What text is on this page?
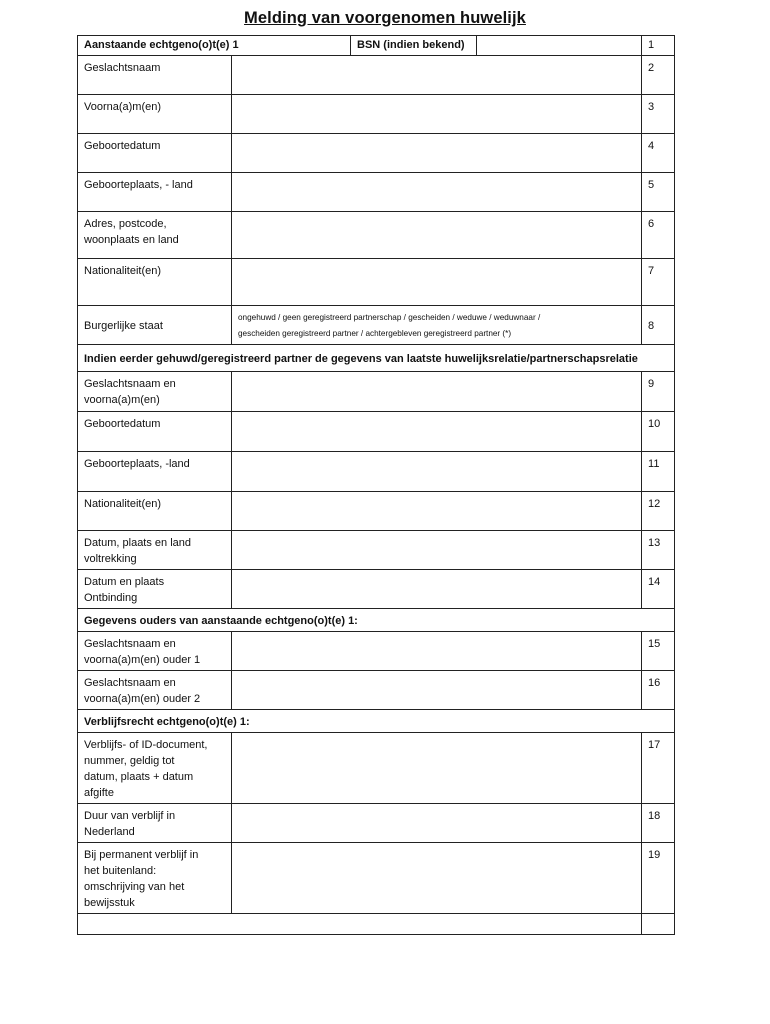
Melding van voorgenomen huwelijk
Aanstaande echtgeno(o)t(e) 1		BSN (indien bekend)		1
Geslachtsnaam				2
Voorna(a)m(en)				3
Geboortedatum				4
Geboorteplaats, - land				5
Adres, postcode,
woonplaats en land				6
Nationaliteit(en)				7
Burgerlijke staat	ongehuwd / geen geregistreerd partnerschap / gescheiden / weduwe / weduwnaar /
gescheiden geregistreerd partner / achtergebleven geregistreerd partner (*)			8
Indien eerder gehuwd/geregistreerd partner de gegevens van laatste huwelijksrelatie/partnerschapsrelatie				
Geslachtsnaam en
voorna(a)m(en)				9
Geboortedatum				10
Geboorteplaats, -land				11
Nationaliteit(en)				12
Datum, plaats en land
voltrekking				13
Datum en plaats
Ontbinding				14
Gegevens ouders van aanstaande echtgeno(o)t(e) 1:				
Geslachtsnaam en
voorna(a)m(en) ouder 1				15
Geslachtsnaam en
voorna(a)m(en) ouder 2				16
Verblijfsrecht echtgeno(o)t(e) 1:				
Verblijfs- of ID-document,
nummer, geldig tot
datum, plaats + datum
afgifte				17
Duur van verblijf in
Nederland				18
Bij permanent verblijf in
het buitenland:
omschrijving van het
bewijsstuk				19
